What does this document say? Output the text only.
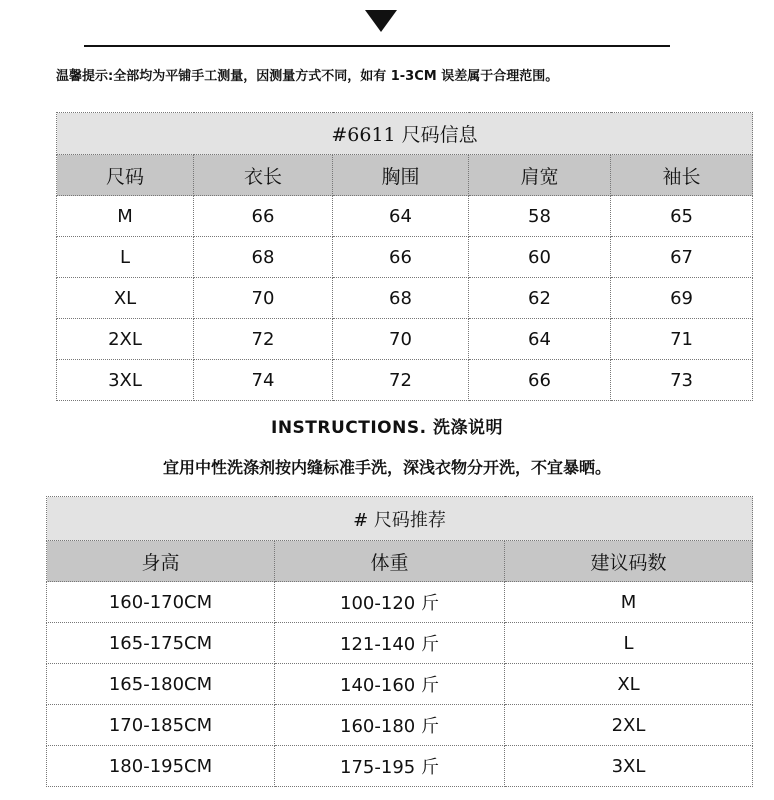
温馨提示:全部均为平铺手工测量，因测量方式不同，如有 1-3CM 误差属于合理范围。
#6611 尺码信息				
尺码	衣长	胸围	肩宽	袖长
M	66	64	58	65
L	68	66	60	67
XL	70	68	62	69
2XL	72	70	64	71
3XL	74	72	66	73
INSTRUCTIONS. 洗涤说明
宜用中性洗涤剂按内缝标准手洗，深浅衣物分开洗，不宜暴晒。
# 尺码推荐		
身高	体重	建议码数
160-170CM	100-120 斤	M
165-175CM	121-140 斤	L
165-180CM	140-160 斤	XL
170-185CM	160-180 斤	2XL
180-195CM	175-195 斤	3XL
